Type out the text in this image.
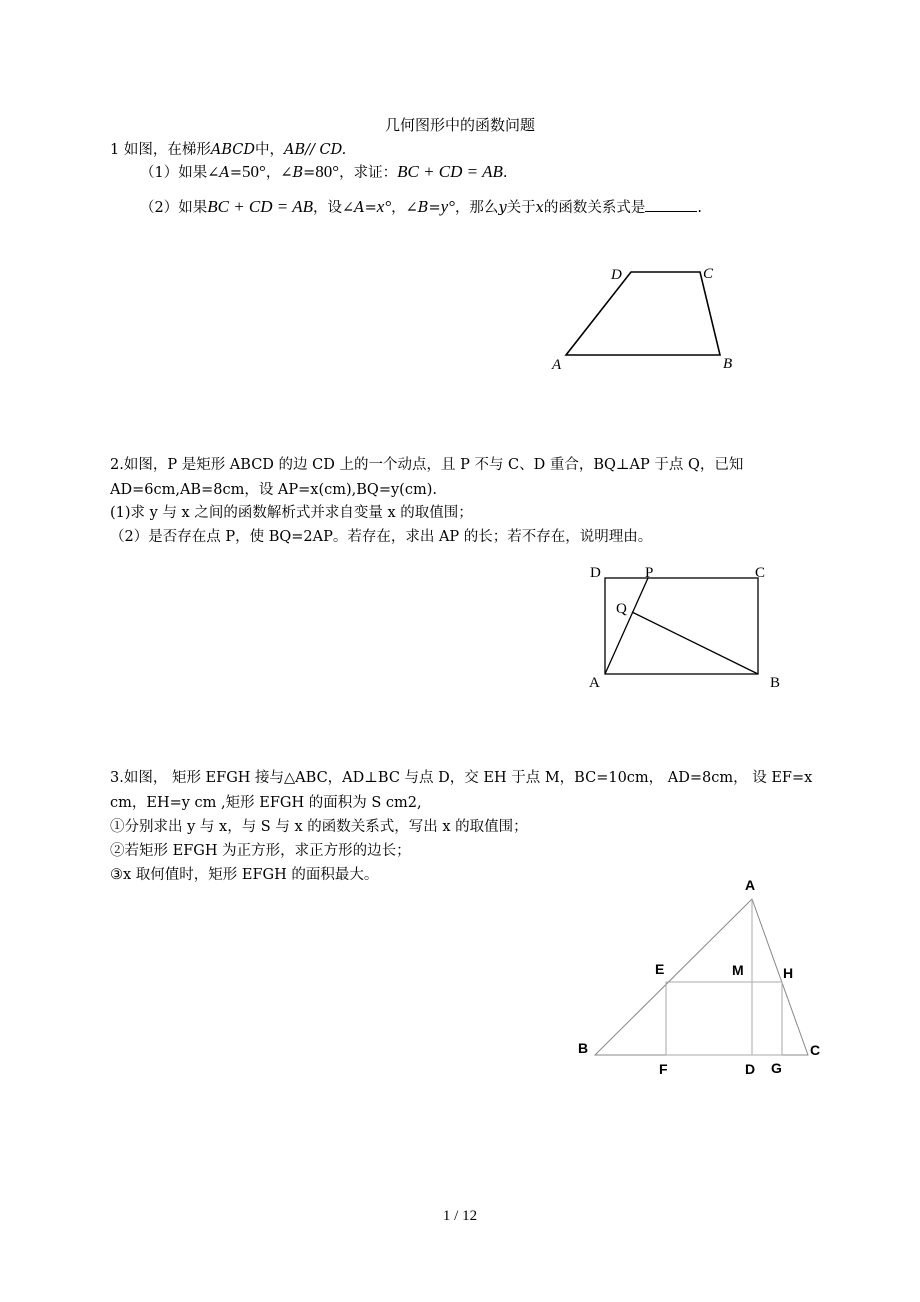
几何图形中的函数问题
1 如图，在梯形ABCD中，AB// CD.
（1）如果∠A=50°，∠B=80°，求证：BC + CD = AB.
（2）如果BC + CD = AB，设∠A=x°，∠B=y°，那么y关于x的函数关系式是	.
D	C
A	B
2.如图，P 是矩形 ABCD 的边 CD 上的一个动点，且 P 不与 C、D 重合，BQ⊥AP 于点 Q，已知
AD=6cm,AB=8cm，设 AP=x(cm),BQ=y(cm).
(1)求 y 与 x 之间的函数解析式并求自变量 x 的取值围；
（2）是否存在点 P，使 BQ=2AP。若存在，求出 AP 的长；若不存在，说明理由。
D	P	C
Q
A	B
3.如图， 矩形 EFGH 接与△ABC，AD⊥BC 与点 D，交 EH 于点 M，BC=10cm， AD=8cm， 设 EF=x
cm，EH=y cm ,矩形 EFGH 的面积为 S cm2,
①分别求出 y 与 x，与 S 与 x 的函数关系式，写出 x 的取值围；
②若矩形 EFGH 为正方形，求正方形的边长；
③x 取何值时，矩形 EFGH 的面积最大。
A
E	M	H
B	C
F	D G
1 / 12
